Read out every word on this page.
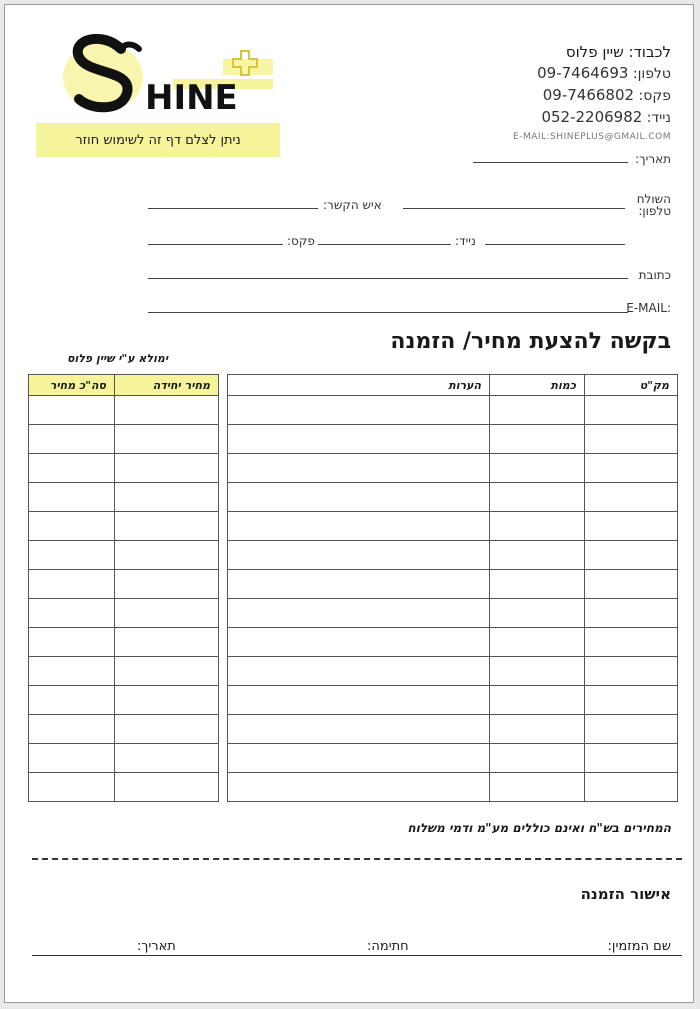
HINE
ניתן לצלם דף זה לשימוש חוזר
לכבוד: שיין פלוס
טלפון: 09-7464693
פקס: 09-7466802
נייד: 052-2206982
E-MAIL:SHINEPLUS@GMAIL.COM
תאריך:
השולח
טלפון:
איש הקשר:
נייד:
פקס:
כתובת
E-MAIL:
בקשה להצעת מחיר/ הזמנה
ימולא ע"י שיין פלוס
מק"ט	כמות	הערות

מחיר יחידה	סה"כ מחיר

המחירים בש"ח ואינם כוללים מע"מ ודמי משלוח
אישור הזמנה
שם המזמין:
חתימה:
תאריך:
